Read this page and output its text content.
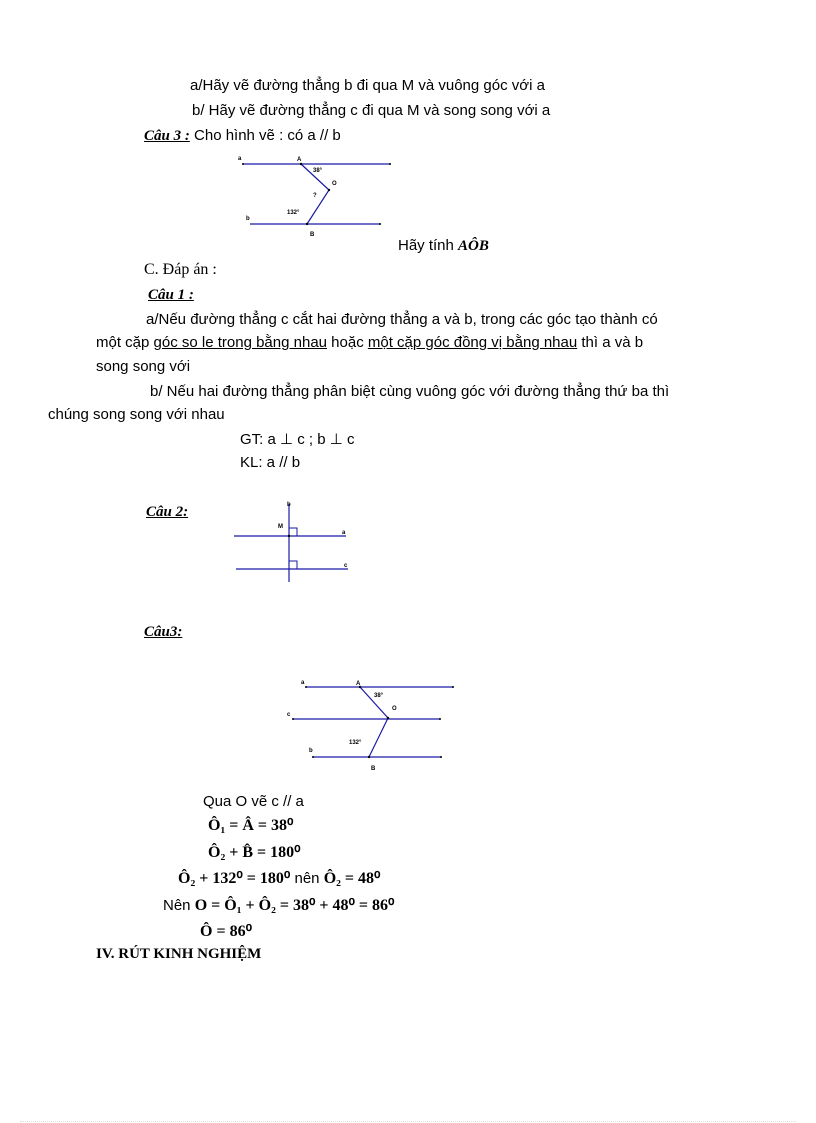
a/Hãy vẽ đường thẳng b đi qua M và vuông góc với a
b/ Hãy vẽ đường thẳng c đi qua M và song song với a
Câu 3 : Cho hình vẽ : có a // b
a	A
38°
O
?
132°
b
B
Hãy tính AÔB
C. Đáp án :
Câu 1 :
a/Nếu đường thẳng c cắt hai đường thẳng a và b, trong các góc tạo thành có
một cặp góc so le trong bằng nhau hoặc một cặp góc đồng vị bằng nhau thì a và b
song song với
b/ Nếu hai đường thẳng phân biệt cùng vuông góc với đường thẳng thứ ba thì
chúng song song với nhau
GT: a ⊥ c ; b ⊥ c
KL: a // b
Câu 2:	b
M
a
c
Câu3:
a	A
38°
O
c
132°
b
B
Qua O vẽ c // a
Ô₁ = Â = 38⁰
Ô₂ + B̂ = 180⁰
Ô₂ + 132⁰ = 180⁰ nên Ô₂ = 48⁰
Nên O = Ô₁ + Ô₂ = 38⁰ + 48⁰ = 86⁰
Ô = 86⁰
IV. RÚT KINH NGHIỆM
